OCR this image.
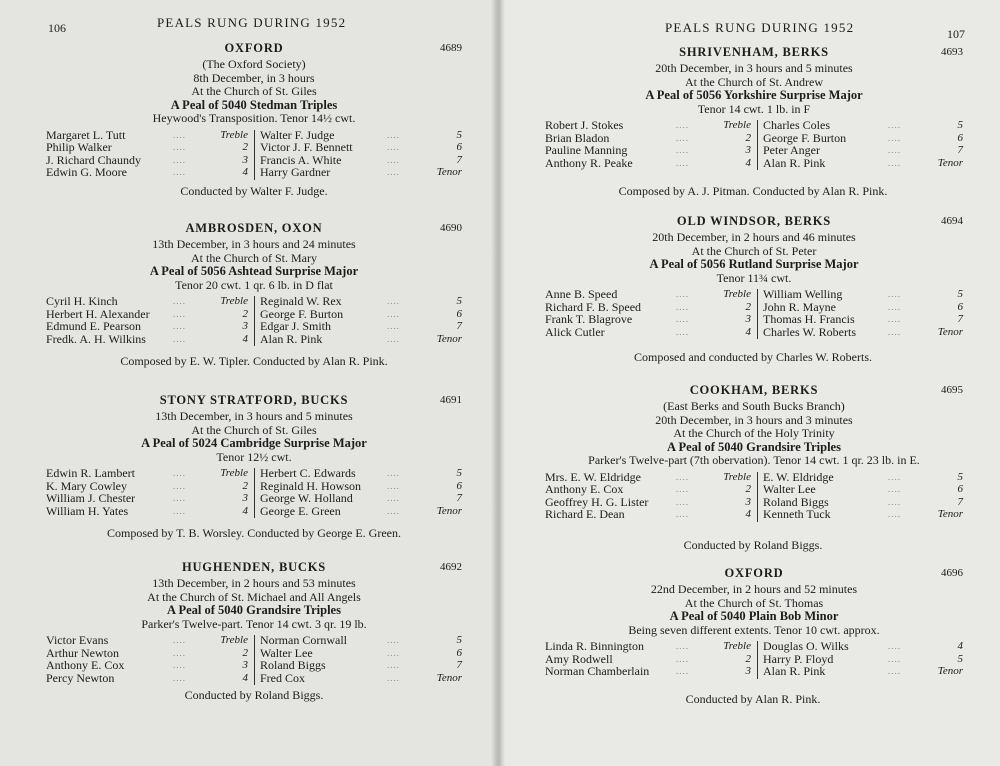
106	PEALS RUNG DURING 1952
OXFORD	4689
(The Oxford Society)
8th December, in 3 hours
At the Church of St. Giles
A Peal of 5040 Stedman Triples
Heywood's Transposition. Tenor 14½ cwt.
Margaret L. Tutt	....	Treble
Philip Walker	....	2
J. Richard Chaundy	....	3
Edwin G. Moore	....	4
Walter F. Judge	....	5
Victor J. F. Bennett	....	6
Francis A. White	....	7
Harry Gardner	....	Tenor
Conducted by Walter F. Judge.
AMBROSDEN, OXON	4690
13th December, in 3 hours and 24 minutes
At the Church of St. Mary
A Peal of 5056 Ashtead Surprise Major
Tenor 20 cwt. 1 qr. 6 lb. in D flat
Cyril H. Kinch	....	Treble
Herbert H. Alexander	....	2
Edmund E. Pearson	....	3
Fredk. A. H. Wilkins	....	4
Reginald W. Rex	....	5
George F. Burton	....	6
Edgar J. Smith	....	7
Alan R. Pink	....	Tenor
Composed by E. W. Tipler. Conducted by Alan R. Pink.
STONY STRATFORD, BUCKS	4691
13th December, in 3 hours and 5 minutes
At the Church of St. Giles
A Peal of 5024 Cambridge Surprise Major
Tenor 12½ cwt.
Edwin R. Lambert	....	Treble
K. Mary Cowley	....	2
William J. Chester	....	3
William H. Yates	....	4
Herbert C. Edwards	....	5
Reginald H. Howson	....	6
George W. Holland	....	7
George E. Green	....	Tenor
Composed by T. B. Worsley. Conducted by George E. Green.
HUGHENDEN, BUCKS	4692
13th December, in 2 hours and 53 minutes
At the Church of St. Michael and All Angels
A Peal of 5040 Grandsire Triples
Parker's Twelve-part. Tenor 14 cwt. 3 qr. 19 lb.
Victor Evans	....	Treble
Arthur Newton	....	2
Anthony E. Cox	....	3
Percy Newton	....	4
Norman Cornwall	....	5
Walter Lee	....	6
Roland Biggs	....	7
Fred Cox	....	Tenor
Conducted by Roland Biggs.
PEALS RUNG DURING 1952	107
SHRIVENHAM, BERKS	4693
20th December, in 3 hours and 5 minutes
At the Church of St. Andrew
A Peal of 5056 Yorkshire Surprise Major
Tenor 14 cwt. 1 lb. in F
Robert J. Stokes	....	Treble
Brian Bladon	....	2
Pauline Manning	....	3
Anthony R. Peake	....	4
Charles Coles	....	5
George F. Burton	....	6
Peter Anger	....	7
Alan R. Pink	....	Tenor
Composed by A. J. Pitman. Conducted by Alan R. Pink.
OLD WINDSOR, BERKS	4694
20th December, in 2 hours and 46 minutes
At the Church of St. Peter
A Peal of 5056 Rutland Surprise Major
Tenor 11¾ cwt.
Anne B. Speed	....	Treble
Richard F. B. Speed	....	2
Frank T. Blagrove	....	3
Alick Cutler	....	4
William Welling	....	5
John R. Mayne	....	6
Thomas H. Francis	....	7
Charles W. Roberts	....	Tenor
Composed and conducted by Charles W. Roberts.
COOKHAM, BERKS	4695
(East Berks and South Bucks Branch)
20th December, in 3 hours and 3 minutes
At the Church of the Holy Trinity
A Peal of 5040 Grandsire Triples
Parker's Twelve-part (7th obervation). Tenor 14 cwt. 1 qr. 23 lb. in E.
Mrs. E. W. Eldridge	....	Treble
Anthony E. Cox	....	2
Geoffrey H. G. Lister	....	3
Richard E. Dean	....	4
E. W. Eldridge	....	5
Walter Lee	....	6
Roland Biggs	....	7
Kenneth Tuck	....	Tenor
Conducted by Roland Biggs.
OXFORD	4696
22nd December, in 2 hours and 52 minutes
At the Church of St. Thomas
A Peal of 5040 Plain Bob Minor
Being seven different extents. Tenor 10 cwt. approx.
Linda R. Binnington	....	Treble
Amy Rodwell	....	2
Norman Chamberlain	....	3
Douglas O. Wilks	....	4
Harry P. Floyd	....	5
Alan R. Pink	....	Tenor
Conducted by Alan R. Pink.
